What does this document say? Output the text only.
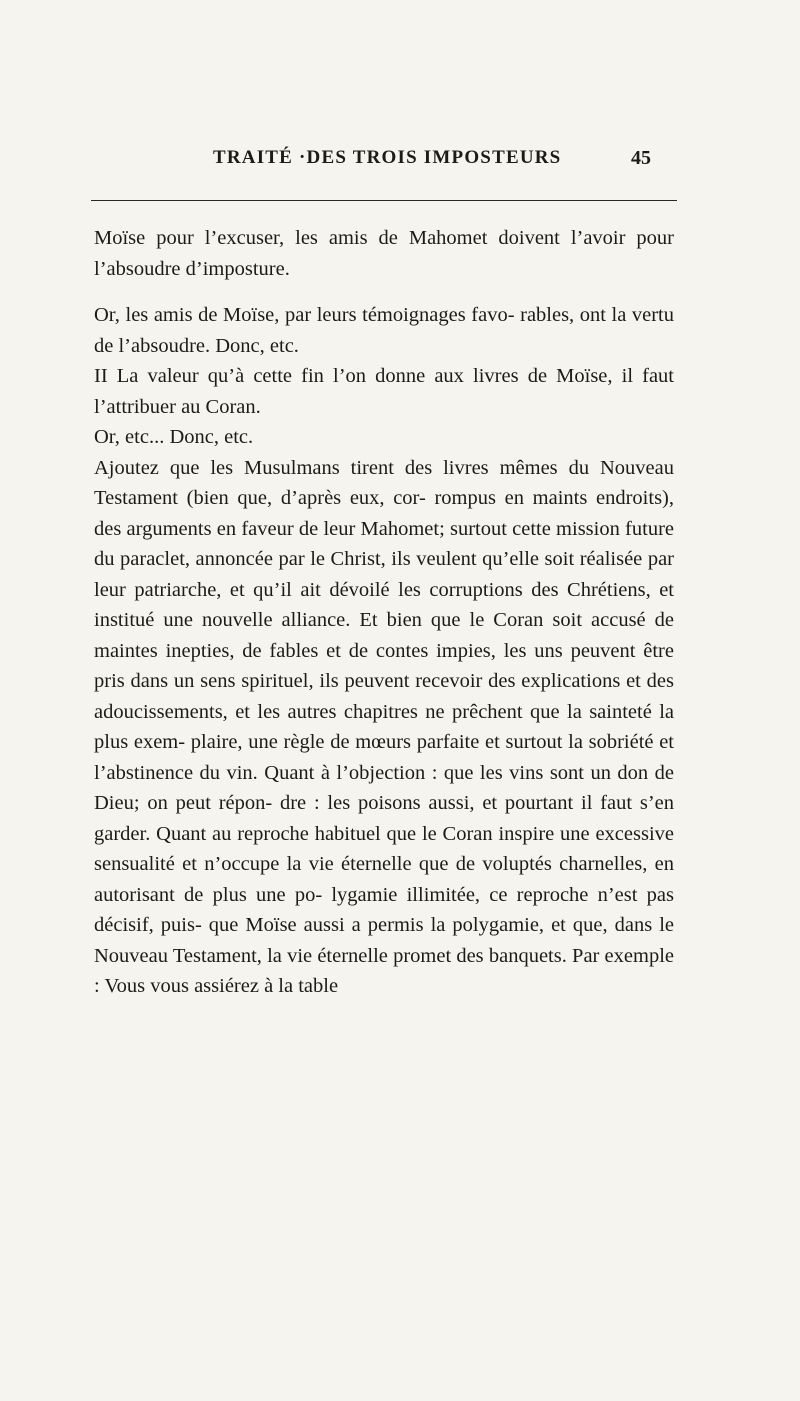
TRAITÉ ·DES TROIS IMPOSTEURS	45

Moïse pour l’excuser, les amis de Mahomet doivent l’avoir pour l’absoudre d’imposture.

Or, les amis de Moïse, par leurs témoignages favo- rables, ont la vertu de l’absoudre. Donc, etc.

II La valeur qu’à cette fin l’on donne aux livres de Moïse, il faut l’attribuer au Coran.

Or, etc... Donc, etc.

Ajoutez que les Musulmans tirent des livres mêmes du Nouveau Testament (bien que, d’après eux, cor- rompus en maints endroits), des arguments en faveur de leur Mahomet; surtout cette mission future du paraclet, annoncée par le Christ, ils veulent qu’elle soit réalisée par leur patriarche, et qu’il ait dévoilé les corruptions des Chrétiens, et institué une nouvelle alliance. Et bien que le Coran soit accusé de maintes inepties, de fables et de contes impies, les uns peuvent être pris dans un sens spirituel, ils peuvent recevoir des explications et des adoucissements, et les autres chapitres ne prêchent que la sainteté la plus exem- plaire, une règle de mœurs parfaite et surtout la sobriété et l’abstinence du vin. Quant à l’objection : que les vins sont un don de Dieu; on peut répon- dre : les poisons aussi, et pourtant il faut s’en garder. Quant au reproche habituel que le Coran inspire une excessive sensualité et n’occupe la vie éternelle que de voluptés charnelles, en autorisant de plus une po- lygamie illimitée, ce reproche n’est pas décisif, puis- que Moïse aussi a permis la polygamie, et que, dans le Nouveau Testament, la vie éternelle promet des banquets. Par exemple : Vous vous assiérez à la table
